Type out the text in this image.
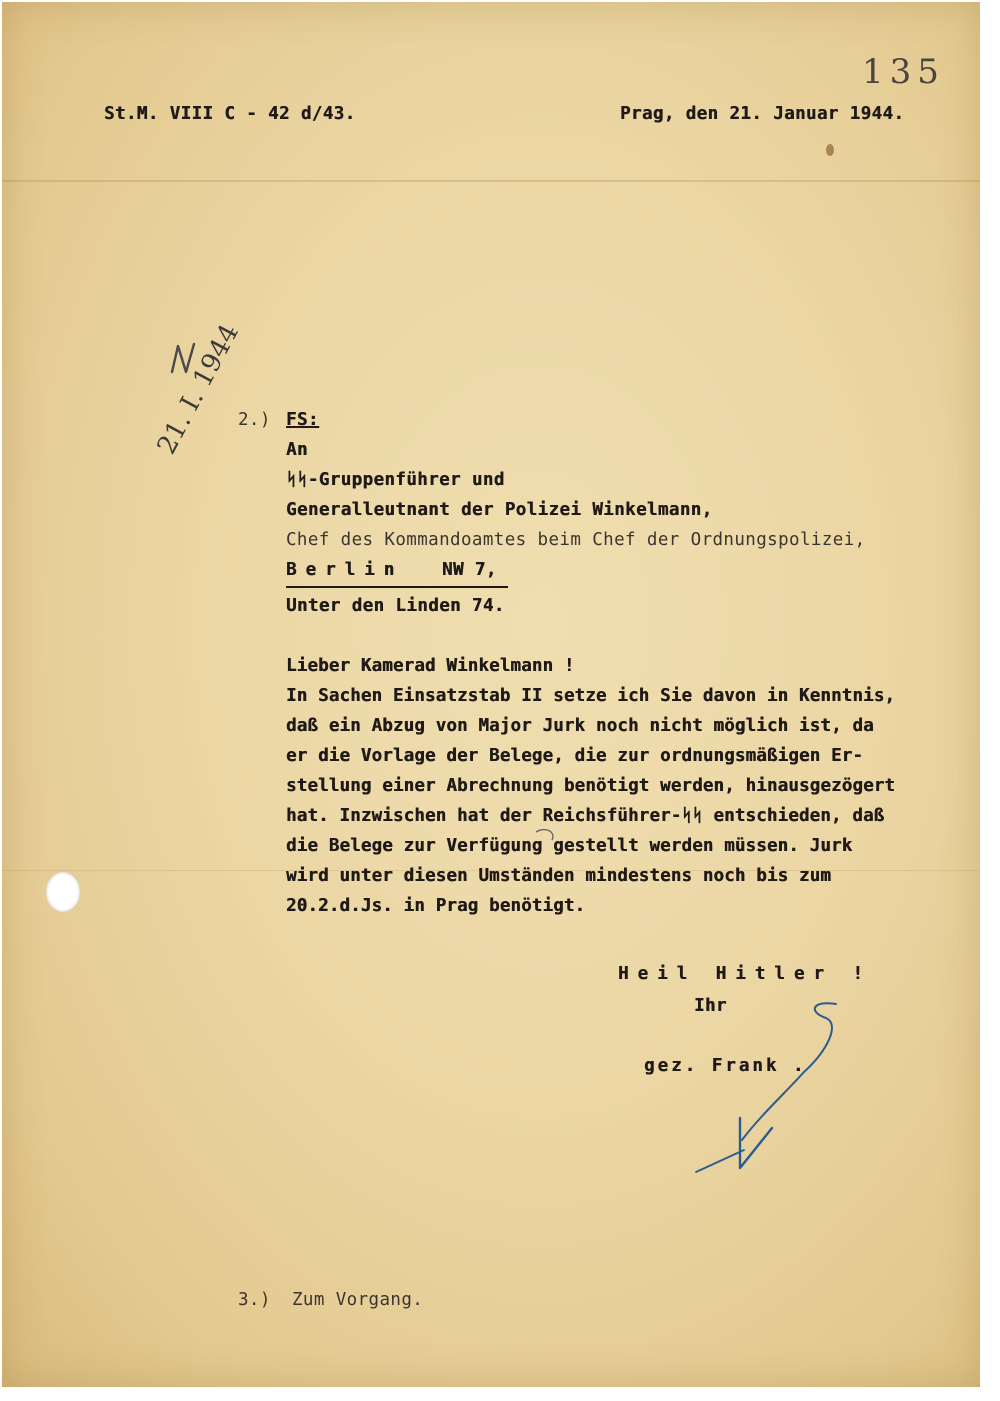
St.M. VIII C - 42 d/43.	Prag, den 21. Januar 1944.
135
2.) FS:
An
ᛋᛋ-Gruppenführer und
Generalleutnant der Polizei Winkelmann,
Chef des Kommandoamtes beim Chef der Ordnungspolizei,
Berlin NW 7,
Unter den Linden 74.
Lieber Kamerad Winkelmann !
In Sachen Einsatzstab II setze ich Sie davon in Kenntnis,
daß ein Abzug von Major Jurk noch nicht möglich ist, da
er die Vorlage der Belege, die zur ordnungsmäßigen Er-
stellung einer Abrechnung benötigt werden, hinausgezögert
hat. Inzwischen hat der Reichsführer-ᛋᛋ entschieden, daß
die Belege zur Verfügung gestellt werden müssen. Jurk
wird unter diesen Umständen mindestens noch bis zum
20.2.d.Js. in Prag benötigt.
Heil Hitler !
Ihr
gez. Frank .
3.) Zum Vorgang.
21. I. 1944
